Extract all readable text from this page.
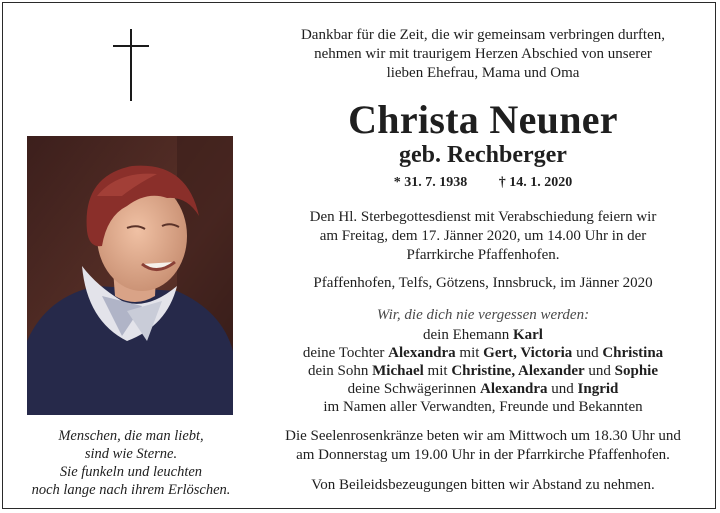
Menschen, die man liebt,
sind wie Sterne.
Sie funkeln und leuchten
noch lange nach ihrem Erlöschen.
Dankbar für die Zeit, die wir gemeinsam verbringen durften,
nehmen wir mit traurigem Herzen Abschied von unserer
lieben Ehefrau, Mama und Oma
Christa Neuner
geb. Rechberger
* 31. 7. 1938 † 14. 1. 2020
Den Hl. Sterbegottesdienst mit Verabschiedung feiern wir
am Freitag, dem 17. Jänner 2020, um 14.00 Uhr in der
Pfarrkirche Pfaffenhofen.
Pfaffenhofen, Telfs, Götzens, Innsbruck, im Jänner 2020
Wir, die dich nie vergessen werden:
dein Ehemann Karl
deine Tochter Alexandra mit Gert, Victoria und Christina
dein Sohn Michael mit Christine, Alexander und Sophie
deine Schwägerinnen Alexandra und Ingrid
im Namen aller Verwandten, Freunde und Bekannten
Die Seelenrosenkränze beten wir am Mittwoch um 18.30 Uhr und
am Donnerstag um 19.00 Uhr in der Pfarrkirche Pfaffenhofen.
Von Beileidsbezeugungen bitten wir Abstand zu nehmen.
